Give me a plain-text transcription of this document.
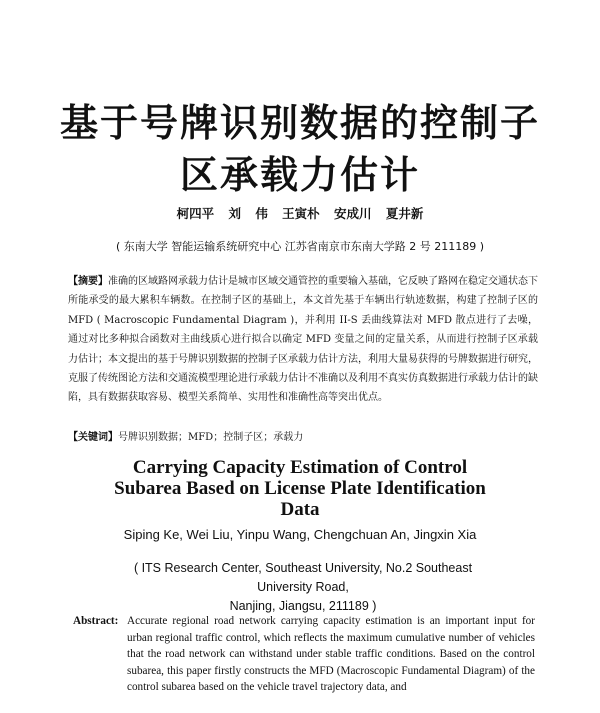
基于号牌识别数据的控制子
区承载力估计
柯四平 刘 伟 王寅朴 安成川 夏井新
( 东南大学 智能运输系统研究中心 江苏省南京市东南大学路 2 号 211189 )
【摘要】准确的区域路网承载力估计是城市区域交通管控的重要输入基础，它反映了路网在稳定交通状态下所能承受的最大累积车辆数。在控制子区的基础上，本文首先基于车辆出行轨迹数据，构建了控制子区的 MFD ( Macroscopic Fundamental Diagram )，并利用 II-S 丢曲线算法对 MFD 散点进行了去噪，通过对比多种拟合函数对主曲线质心进行拟合以确定 MFD 变量之间的定量关系，从而进行控制子区承载力估计；本文提出的基于号牌识别数据的控制子区承载力估计方法，利用大量易获得的号牌数据进行研究，克服了传统图论方法和交通流模型理论进行承载力估计不准确以及利用不真实仿真数据进行承载力估计的缺陷，具有数据获取容易、模型关系简单、实用性和准确性高等突出优点。
【关键词】号牌识别数据；MFD；控制子区；承载力
Carrying Capacity Estimation of Control
Subarea Based on License Plate Identification
Data
Siping Ke, Wei Liu, Yinpu Wang, Chengchuan An, Jingxin Xia
( ITS Research Center, Southeast University, No.2 Southeast University Road,
Nanjing, Jiangsu, 211189 )
Abstract: Accurate regional road network carrying capacity estimation is an important input for urban regional traffic control, which reflects the maximum cumulative number of vehicles that the road network can withstand under stable traffic conditions. Based on the control subarea, this paper firstly constructs the MFD (Macroscopic Fundamental Diagram) of the control subarea based on the vehicle travel trajectory data, and
